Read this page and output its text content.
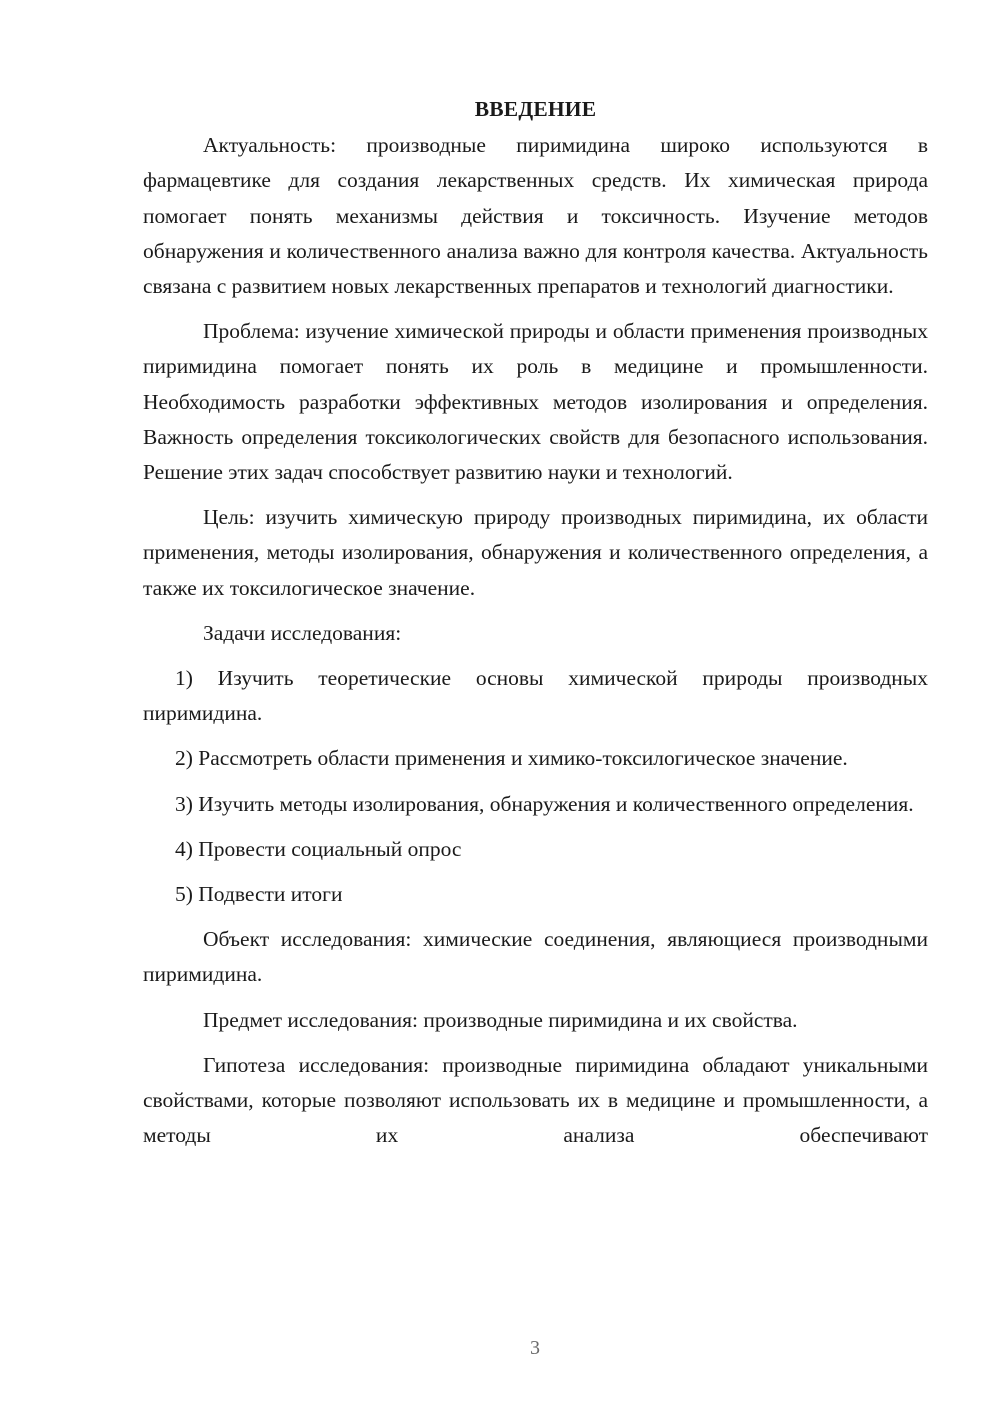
ВВЕДЕНИЕ

Актуальность: производные пиримидина широко используются в фармацевтике для создания лекарственных средств. Их химическая природа помогает понять механизмы действия и токсичность. Изучение методов обнаружения и количественного анализа важно для контроля качества. Актуальность связана с развитием новых лекарственных препаратов и технологий диагностики.

Проблема: изучение химической природы и области применения производных пиримидина помогает понять их роль в медицине и промышленности. Необходимость разработки эффективных методов изолирования и определения. Важность определения токсикологических свойств для безопасного использования. Решение этих задач способствует развитию науки и технологий.

Цель: изучить химическую природу производных пиримидина, их области применения, методы изолирования, обнаружения и количественного определения, а также их токсилогическое значение.

Задачи исследования:

1) Изучить теоретические основы химической природы производных пиримидина.

2) Рассмотреть области применения и химико-токсилогическое значение.

3) Изучить методы изолирования, обнаружения и количественного определения.

4) Провести социальный опрос

5) Подвести итоги

Объект исследования: химические соединения, являющиеся производными пиримидина.

Предмет исследования: производные пиримидина и их свойства.

Гипотеза исследования: производные пиримидина обладают уникальными свойствами, которые позволяют использовать их в медицине и промышленности, а методы их анализа обеспечивают

3
